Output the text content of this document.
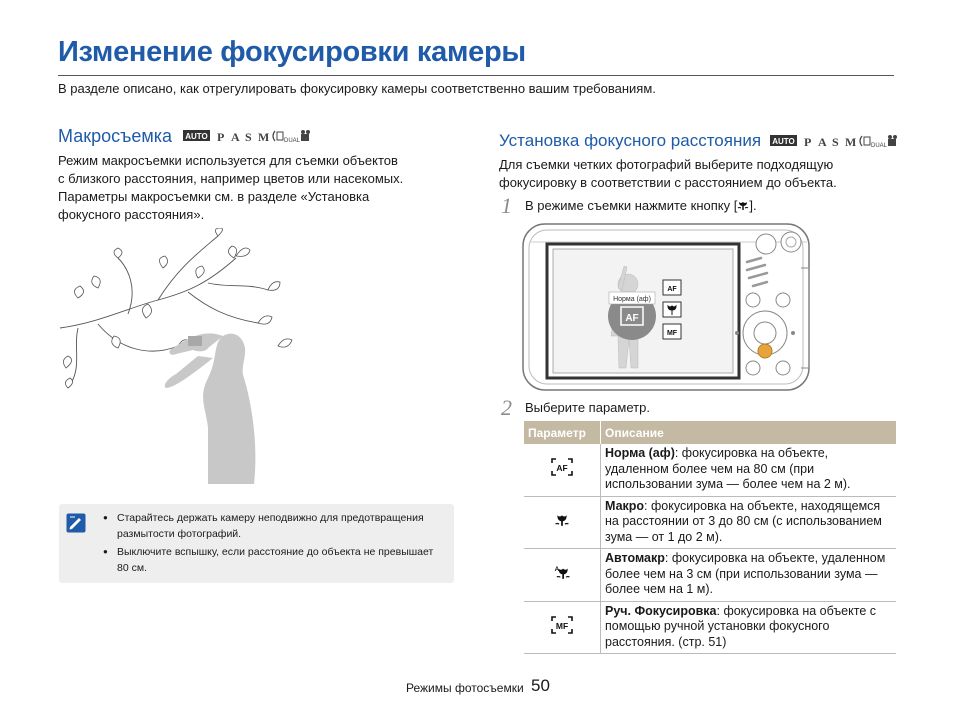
Изменение фокусировки камеры
В разделе описано, как отрегулировать фокусировку камеры соответственно вашим требованиям.
Макросъемка AUTO P A S M DUAL
Режим макросъемки используется для съемки объектов
с близкого расстояния, например цветов или насекомых.
Параметры макросъемки см. в разделе «Установка
фокусного расстояния».
● Старайтесь держать камеру неподвижно для предотвращения размытости фотографий.
● Выключите вспышку, если расстояние до объекта не превышает 80 см.
Установка фокусного расстояния AUTO P A S M DUAL
Для съемки четких фотографий выберите подходящую
фокусировку в соответствии с расстоянием до объекта.
1 В режиме съемки нажмите кнопку [ ].
AF
Норма (аф)
AF
MF
2 Выберите параметр.
Параметр	Описание

AF	Норма (аф): фокусировка на объекте, удаленном более чем на 80 см (при использовании зума — более чем на 2 м).
	Макро: фокусировка на объекте, находящемся на расстоянии от 3 до 80 см (с использованием зума — от 1 до 2 м).

A	Автомакр: фокусировка на объекте, удаленном более чем на 3 см (при использовании зума — более чем на 1 м).

MF	Руч. Фокусировка: фокусировка на объекте с помощью ручной установки фокусного расстояния. (стр. 51)
Режимы фотосъемки 50
